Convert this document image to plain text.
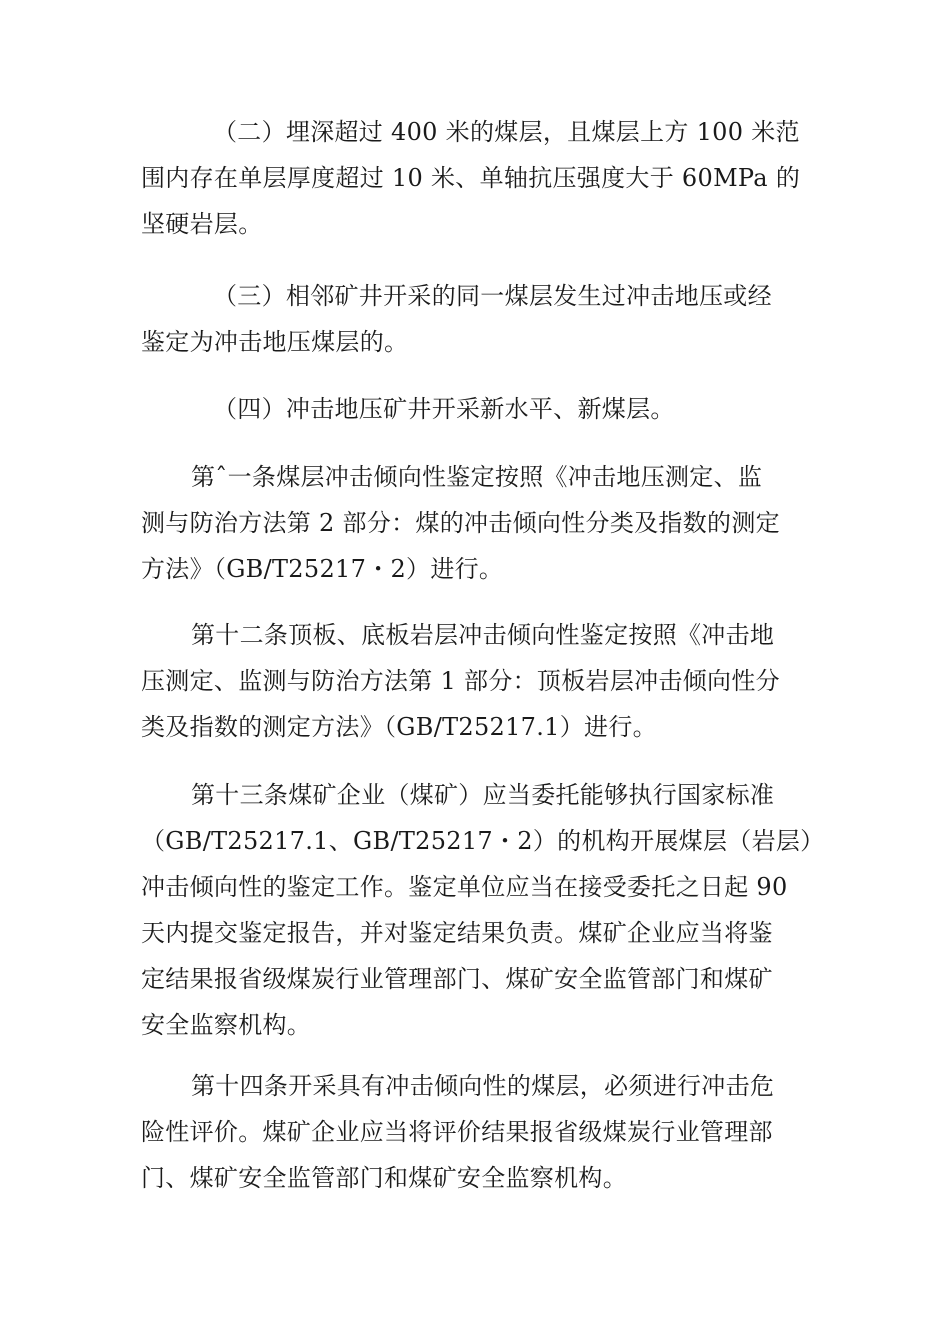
（二）埋深超过 400 米的煤层，且煤层上方 100 米范
围内存在单层厚度超过 10 米、单轴抗压强度大于 60MPa 的
坚硬岩层。

（三）相邻矿井开采的同一煤层发生过冲击地压或经
鉴定为冲击地压煤层的。

（四）冲击地压矿井开采新水平、新煤层。

第ˆ一条煤层冲击倾向性鉴定按照《冲击地压测定、监
测与防治方法第 2 部分：煤的冲击倾向性分类及指数的测定
方法》（GB/T25217・2）进行。

第十二条顶板、底板岩层冲击倾向性鉴定按照《冲击地
压测定、监测与防治方法第 1 部分：顶板岩层冲击倾向性分
类及指数的测定方法》（GB/T25217.1）进行。

第十三条煤矿企业（煤矿）应当委托能够执行国家标准
（GB/T25217.1、GB/T25217・2）的机构开展煤层（岩层）
冲击倾向性的鉴定工作。鉴定单位应当在接受委托之日起 90
天内提交鉴定报告，并对鉴定结果负责。煤矿企业应当将鉴
定结果报省级煤炭行业管理部门、煤矿安全监管部门和煤矿
安全监察机构。

第十四条开采具有冲击倾向性的煤层，必须进行冲击危
险性评价。煤矿企业应当将评价结果报省级煤炭行业管理部
门、煤矿安全监管部门和煤矿安全监察机构。
